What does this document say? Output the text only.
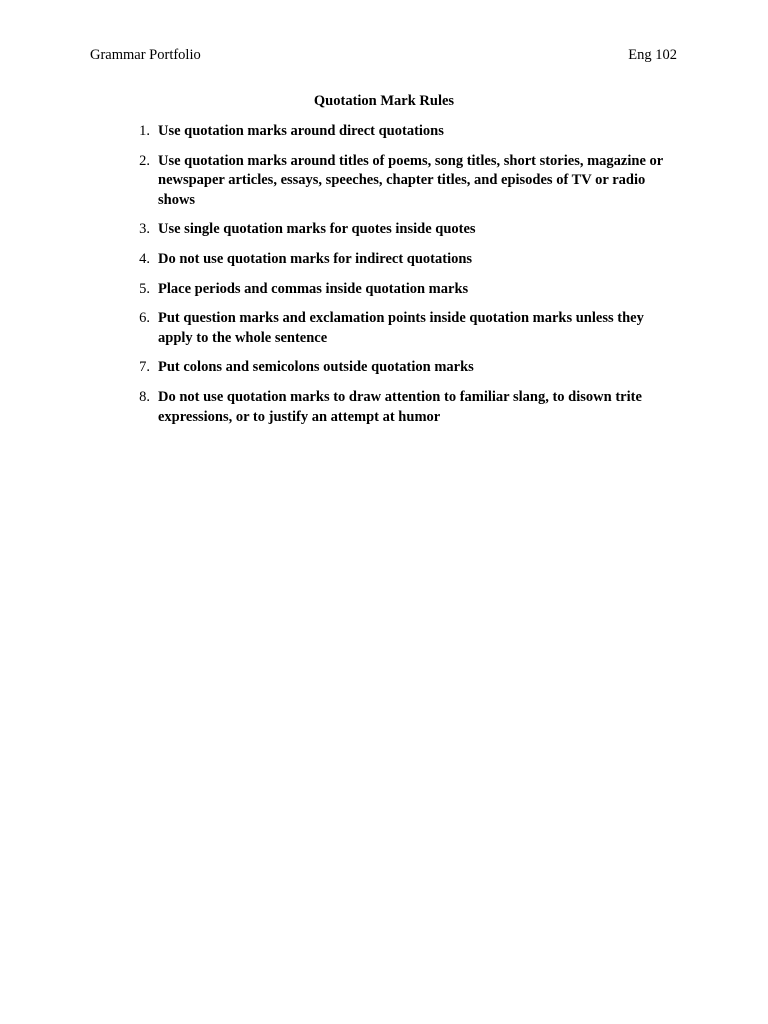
Grammar Portfolio	Eng 102
Quotation Mark Rules
1. Use quotation marks around direct quotations
2. Use quotation marks around titles of poems, song titles, short stories, magazine or newspaper articles, essays, speeches, chapter titles, and episodes of TV or radio shows
3. Use single quotation marks for quotes inside quotes
4. Do not use quotation marks for indirect quotations
5. Place periods and commas inside quotation marks
6. Put question marks and exclamation points inside quotation marks unless they apply to the whole sentence
7. Put colons and semicolons outside quotation marks
8. Do not use quotation marks to draw attention to familiar slang, to disown trite expressions, or to justify an attempt at humor
